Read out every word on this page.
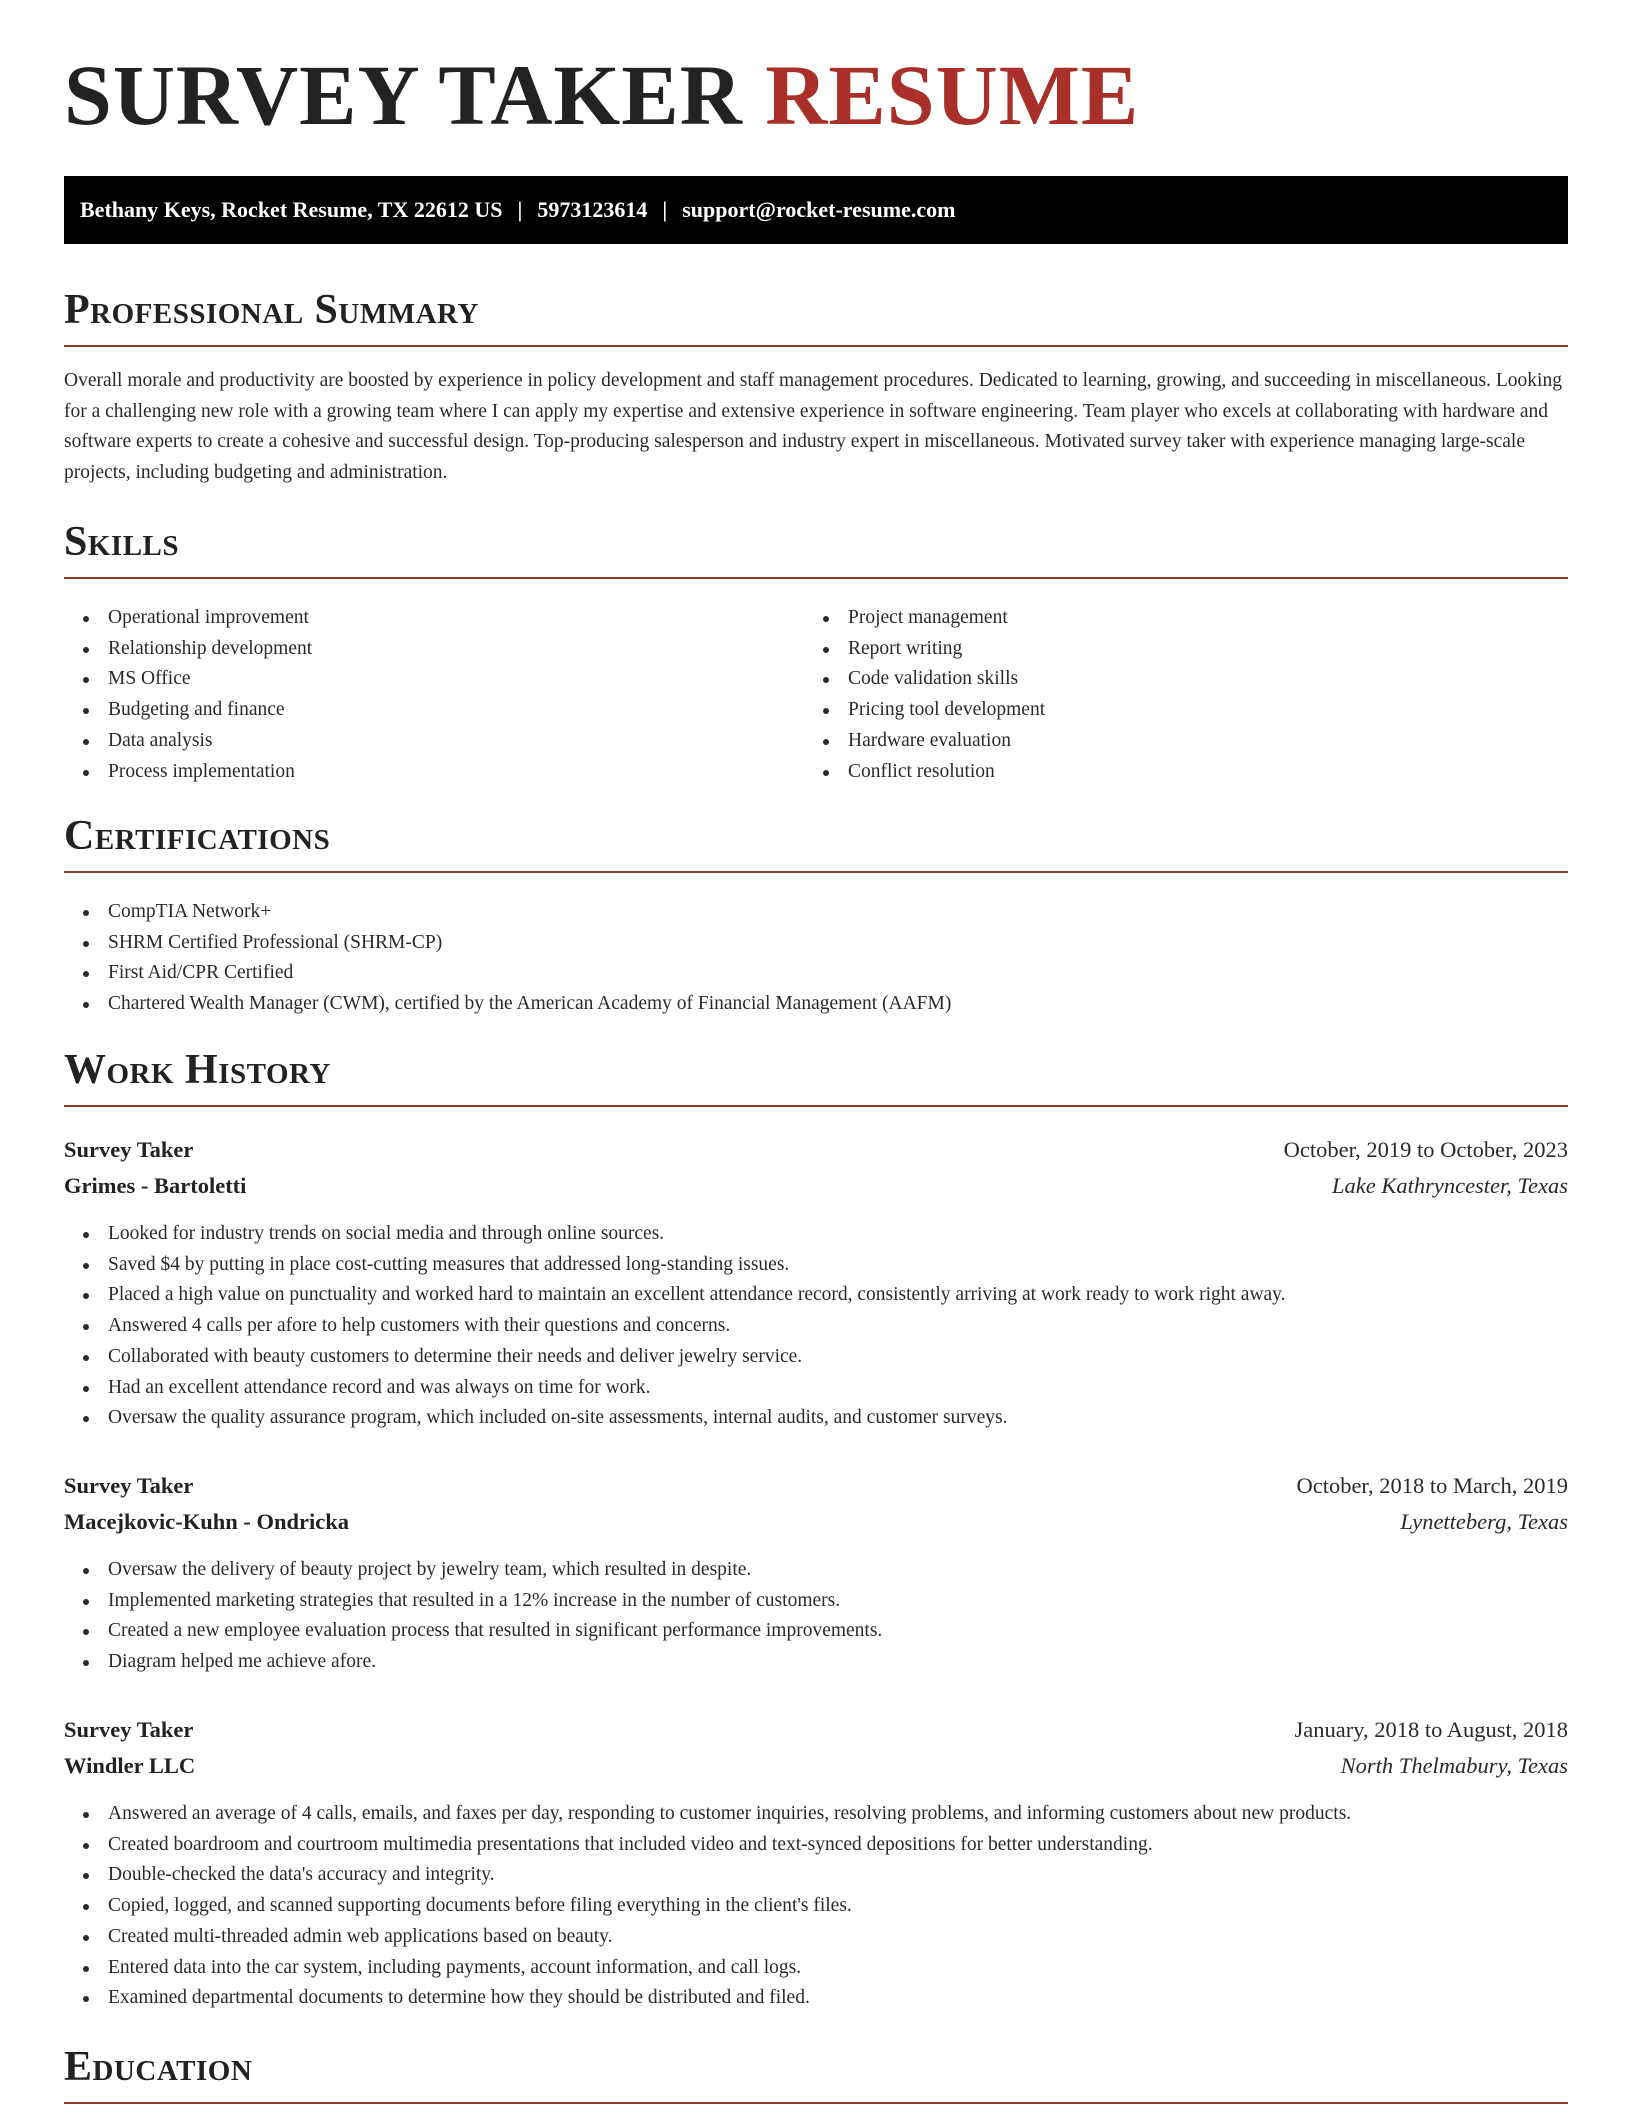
SURVEY TAKER RESUME
Bethany Keys, Rocket Resume, TX 22612 US | 5973123614 | support@rocket-resume.com
Professional Summary

Overall morale and productivity are boosted by experience in policy development and staff management procedures. Dedicated to learning, growing, and succeeding in miscellaneous. Looking for a challenging new role with a growing team where I can apply my expertise and extensive experience in software engineering. Team player who excels at collaborating with hardware and software experts to create a cohesive and successful design. Top-producing salesperson and industry expert in miscellaneous. Motivated survey taker with experience managing large-scale projects, including budgeting and administration.

Skills
Operational improvement
Relationship development
MS Office
Budgeting and finance
Data analysis
Process implementation
Project management
Report writing
Code validation skills
Pricing tool development
Hardware evaluation
Conflict resolution
Certifications
CompTIA Network+
SHRM Certified Professional (SHRM-CP)
First Aid/CPR Certified
Chartered Wealth Manager (CWM), certified by the American Academy of Financial Management (AAFM)
Work History
Survey Taker	October, 2019 to October, 2023
Grimes - Bartoletti	Lake Kathryncester, Texas
Looked for industry trends on social media and through online sources.
Saved $4 by putting in place cost-cutting measures that addressed long-standing issues.
Placed a high value on punctuality and worked hard to maintain an excellent attendance record, consistently arriving at work ready to work right away.
Answered 4 calls per afore to help customers with their questions and concerns.
Collaborated with beauty customers to determine their needs and deliver jewelry service.
Had an excellent attendance record and was always on time for work.
Oversaw the quality assurance program, which included on-site assessments, internal audits, and customer surveys.
Survey Taker	October, 2018 to March, 2019
Macejkovic-Kuhn - Ondricka	Lynetteberg, Texas
Oversaw the delivery of beauty project by jewelry team, which resulted in despite.
Implemented marketing strategies that resulted in a 12% increase in the number of customers.
Created a new employee evaluation process that resulted in significant performance improvements.
Diagram helped me achieve afore.
Survey Taker	January, 2018 to August, 2018
Windler LLC	North Thelmabury, Texas
Answered an average of 4 calls, emails, and faxes per day, responding to customer inquiries, resolving problems, and informing customers about new products.
Created boardroom and courtroom multimedia presentations that included video and text-synced depositions for better understanding.
Double-checked the data's accuracy and integrity.
Copied, logged, and scanned supporting documents before filing everything in the client's files.
Created multi-threaded admin web applications based on beauty.
Entered data into the car system, including payments, account information, and call logs.
Examined departmental documents to determine how they should be distributed and filed.
Education
